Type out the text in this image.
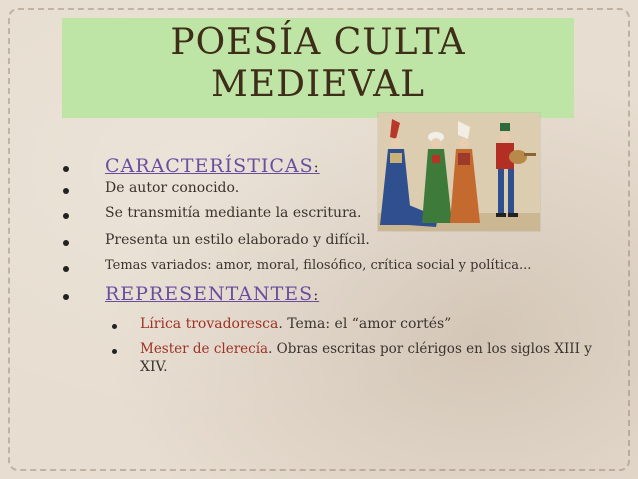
POESÍA CULTA
MEDIEVAL
CARACTERÍSTICAS:
De autor conocido.
Se transmitía mediante la escritura.
Presenta un estilo elaborado y difícil.
Temas variados: amor, moral, filosófico, crítica social y política...
REPRESENTANTES:
Lírica trovadoresca. Tema: el “amor cortés”
Mester de clerecía. Obras escritas por clérigos en los siglos XIII y
XIV.
